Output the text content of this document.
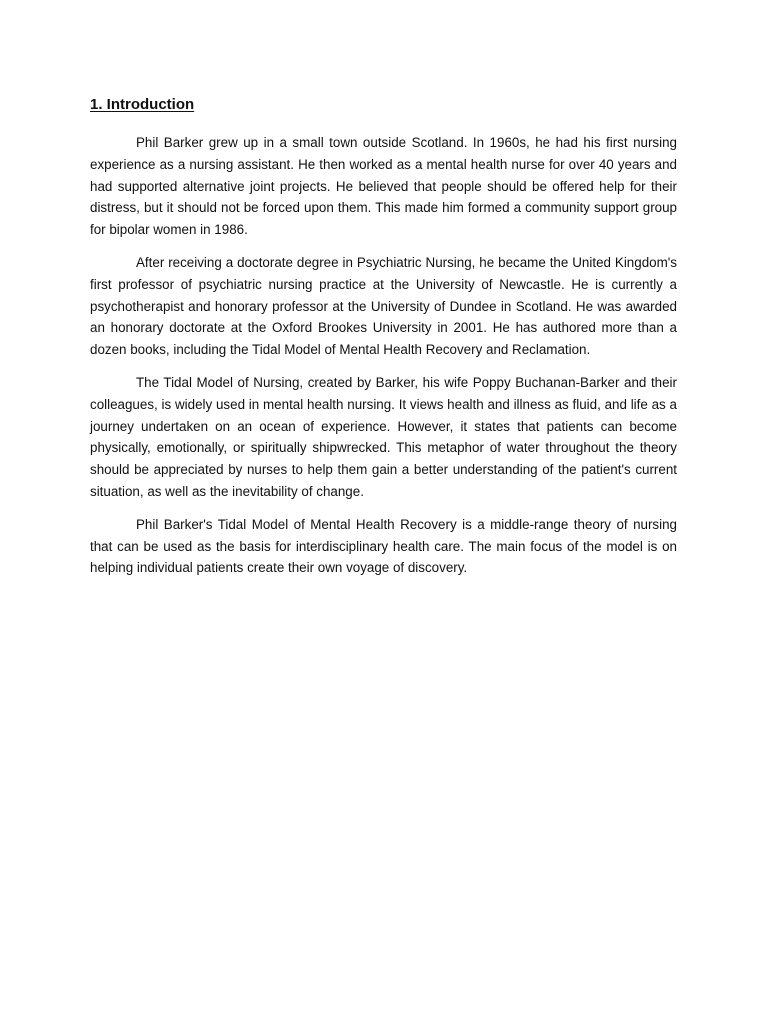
1. Introduction

Phil Barker grew up in a small town outside Scotland. In 1960s, he had his first nursing experience as a nursing assistant. He then worked as a mental health nurse for over 40 years and had supported alternative joint projects. He believed that people should be offered help for their distress, but it should not be forced upon them. This made him formed a community support group for bipolar women in 1986.

After receiving a doctorate degree in Psychiatric Nursing, he became the United Kingdom's first professor of psychiatric nursing practice at the University of Newcastle. He is currently a psychotherapist and honorary professor at the University of Dundee in Scotland. He was awarded an honorary doctorate at the Oxford Brookes University in 2001. He has authored more than a dozen books, including the Tidal Model of Mental Health Recovery and Reclamation.

The Tidal Model of Nursing, created by Barker, his wife Poppy Buchanan-Barker and their colleagues, is widely used in mental health nursing. It views health and illness as fluid, and life as a journey undertaken on an ocean of experience. However, it states that patients can become physically, emotionally, or spiritually shipwrecked. This metaphor of water throughout the theory should be appreciated by nurses to help them gain a better understanding of the patient's current situation, as well as the inevitability of change.

Phil Barker's Tidal Model of Mental Health Recovery is a middle-range theory of nursing that can be used as the basis for interdisciplinary health care. The main focus of the model is on helping individual patients create their own voyage of discovery.
